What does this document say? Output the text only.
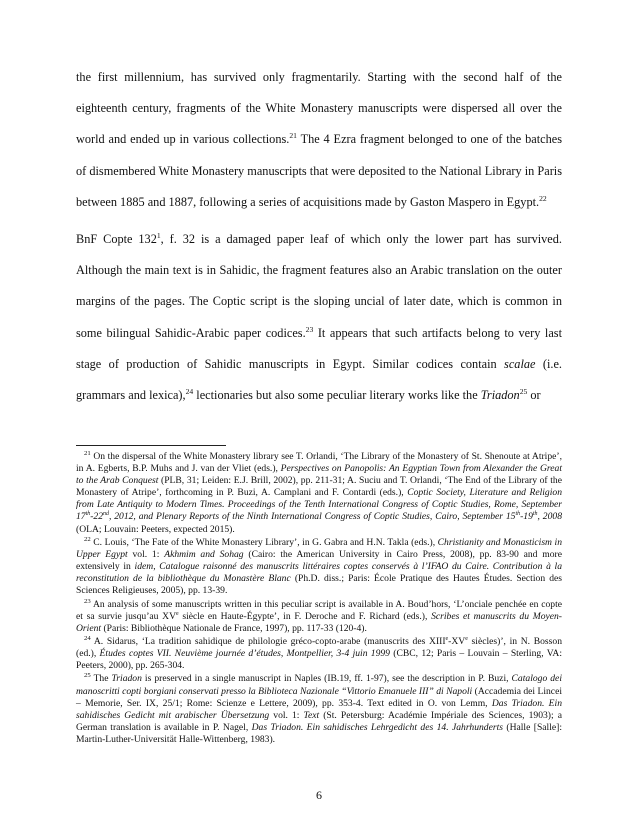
the first millennium, has survived only fragmentarily. Starting with the second half of the eighteenth century, fragments of the White Monastery manuscripts were dispersed all over the world and ended up in various collections.$^{21}$ The 4 Ezra fragment belonged to one of the batches of dismembered White Monastery manuscripts that were deposited to the National Library in Paris between 1885 and 1887, following a series of acquisitions made by Gaston Maspero in Egypt.$^{22}$

BnF Copte $132^1$, f. 32 is a damaged paper leaf of which only the lower part has survived. Although the main text is in Sahidic, the fragment features also an Arabic translation on the outer margins of the pages. The Coptic script is the sloping uncial of later date, which is common in some bilingual Sahidic-Arabic paper codices.$^{23}$ It appears that such artifacts belong to very last stage of production of Sahidic manuscripts in Egypt. Similar codices contain scalae (i.e. grammars and lexica),$^{24}$ lectionaries but also some peculiar literary works like the Triadon$^{25}$ or

$^{21}$ On the dispersal of the White Monastery library see T. Orlandi, ‘The Library of the Monastery of St. Shenoute at Atripe’, in A. Egberts, B.P. Muhs and J. van der Vliet (eds.), Perspectives on Panopolis: An Egyptian Town from Alexander the Great to the Arab Conquest (PLB, 31; Leiden: E.J. Brill, 2002), pp. 211-31; A. Suciu and T. Orlandi, ‘The End of the Library of the Monastery of Atripe’, forthcoming in P. Buzi, A. Camplani and F. Contardi (eds.), Coptic Society, Literature and Religion from Late Antiquity to Modern Times. Proceedings of the Tenth International Congress of Coptic Studies, Rome, September 17th-22nd, 2012, and Plenary Reports of the Ninth International Congress of Coptic Studies, Cairo, September 15th-19th, 2008 (OLA; Louvain: Peeters, expected 2015).

$^{22}$ C. Louis, ‘The Fate of the White Monastery Library’, in G. Gabra and H.N. Takla (eds.), Christianity and Monasticism in Upper Egypt vol. 1: Akhmim and Sohag (Cairo: the American University in Cairo Press, 2008), pp. 83-90 and more extensively in idem, Catalogue raisonné des manuscrits littéraires coptes conservés à l’IFAO du Caire. Contribution à la reconstitution de la bibliothèque du Monastère Blanc (Ph.D. diss.; Paris: École Pratique des Hautes Études. Section des Sciences Religieuses, 2005), pp. 13-39.

$^{23}$ An analysis of some manuscripts written in this peculiar script is available in A. Boud’hors, ‘L’onciale penchée en copte et sa survie jusqu’au XVe siècle en Haute-Égypte’, in F. Deroche and F. Richard (eds.), Scribes et manuscrits du Moyen-Orient (Paris: Bibliothèque Nationale de France, 1997), pp. 117-33 (120-4).

$^{24}$ A. Sidarus, ‘La tradition sahidique de philologie gréco-copto-arabe (manuscrits des XIIIe-XVe siècles)’, in N. Bosson (ed.), Études coptes VII. Neuvième journée d’études, Montpellier, 3-4 juin 1999 (CBC, 12; Paris – Louvain – Sterling, VA: Peeters, 2000), pp. 265-304.

$^{25}$ The Triadon is preserved in a single manuscript in Naples (IB.19, ff. 1-97), see the description in P. Buzi, Catalogo dei manoscritti copti borgiani conservati presso la Biblioteca Nazionale “Vittorio Emanuele III” di Napoli (Accademia dei Lincei – Memorie, Ser. IX, 25/1; Rome: Scienze e Lettere, 2009), pp. 353-4. Text edited in O. von Lemm, Das Triadon. Ein sahidisches Gedicht mit arabischer Übersetzung vol. 1: Text (St. Petersburg: Académie Impériale des Sciences, 1903); a German translation is available in P. Nagel, Das Triadon. Ein sahidisches Lehrgedicht des 14. Jahrhunderts (Halle [Salle]: Martin-Luther-Universität Halle-Wittenberg, 1983).

6
